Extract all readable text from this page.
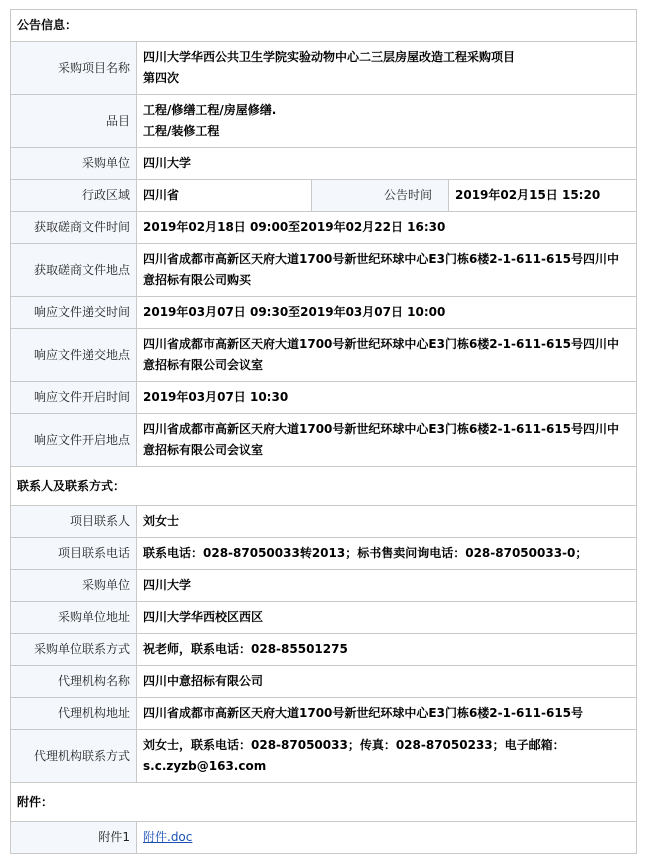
公告信息：			
采购项目名称	四川大学华西公共卫生学院实验动物中心二三层房屋改造工程采购项目第四次		
品目	工程/修缮工程/房屋修缮.
工程/装修工程		

采购单位	四川大学		
行政区域	四川省	公告时间	2019年02月15日 15:20
获取磋商文件时间	2019年02月18日 09:00至2019年02月22日 16:30		
获取磋商文件地点	四川省成都市高新区天府大道1700号新世纪环球中心E3门栋6楼2-1-611-615号四川中意招标有限公司购买		
响应文件递交时间	2019年03月07日 09:30至2019年03月07日 10:00		
响应文件递交地点	四川省成都市高新区天府大道1700号新世纪环球中心E3门栋6楼2-1-611-615号四川中意招标有限公司会议室		
响应文件开启时间	2019年03月07日 10:30		
响应文件开启地点	四川省成都市高新区天府大道1700号新世纪环球中心E3门栋6楼2-1-611-615号四川中意招标有限公司会议室		
联系人及联系方式：			
项目联系人	刘女士		
项目联系电话	联系电话：028-87050033转2013；标书售卖问询电话：028-87050033-0；		
采购单位	四川大学		
采购单位地址	四川大学华西校区西区		
采购单位联系方式	祝老师，联系电话：028-85501275		
代理机构名称	四川中意招标有限公司		
代理机构地址	四川省成都市高新区天府大道1700号新世纪环球中心E3门栋6楼2-1-611-615号		
代理机构联系方式	刘女士，联系电话：028-87050033；传真：028-87050233；电子邮箱：s.c.zyzb@163.com		
附件：			
附件1	附件.doc		
